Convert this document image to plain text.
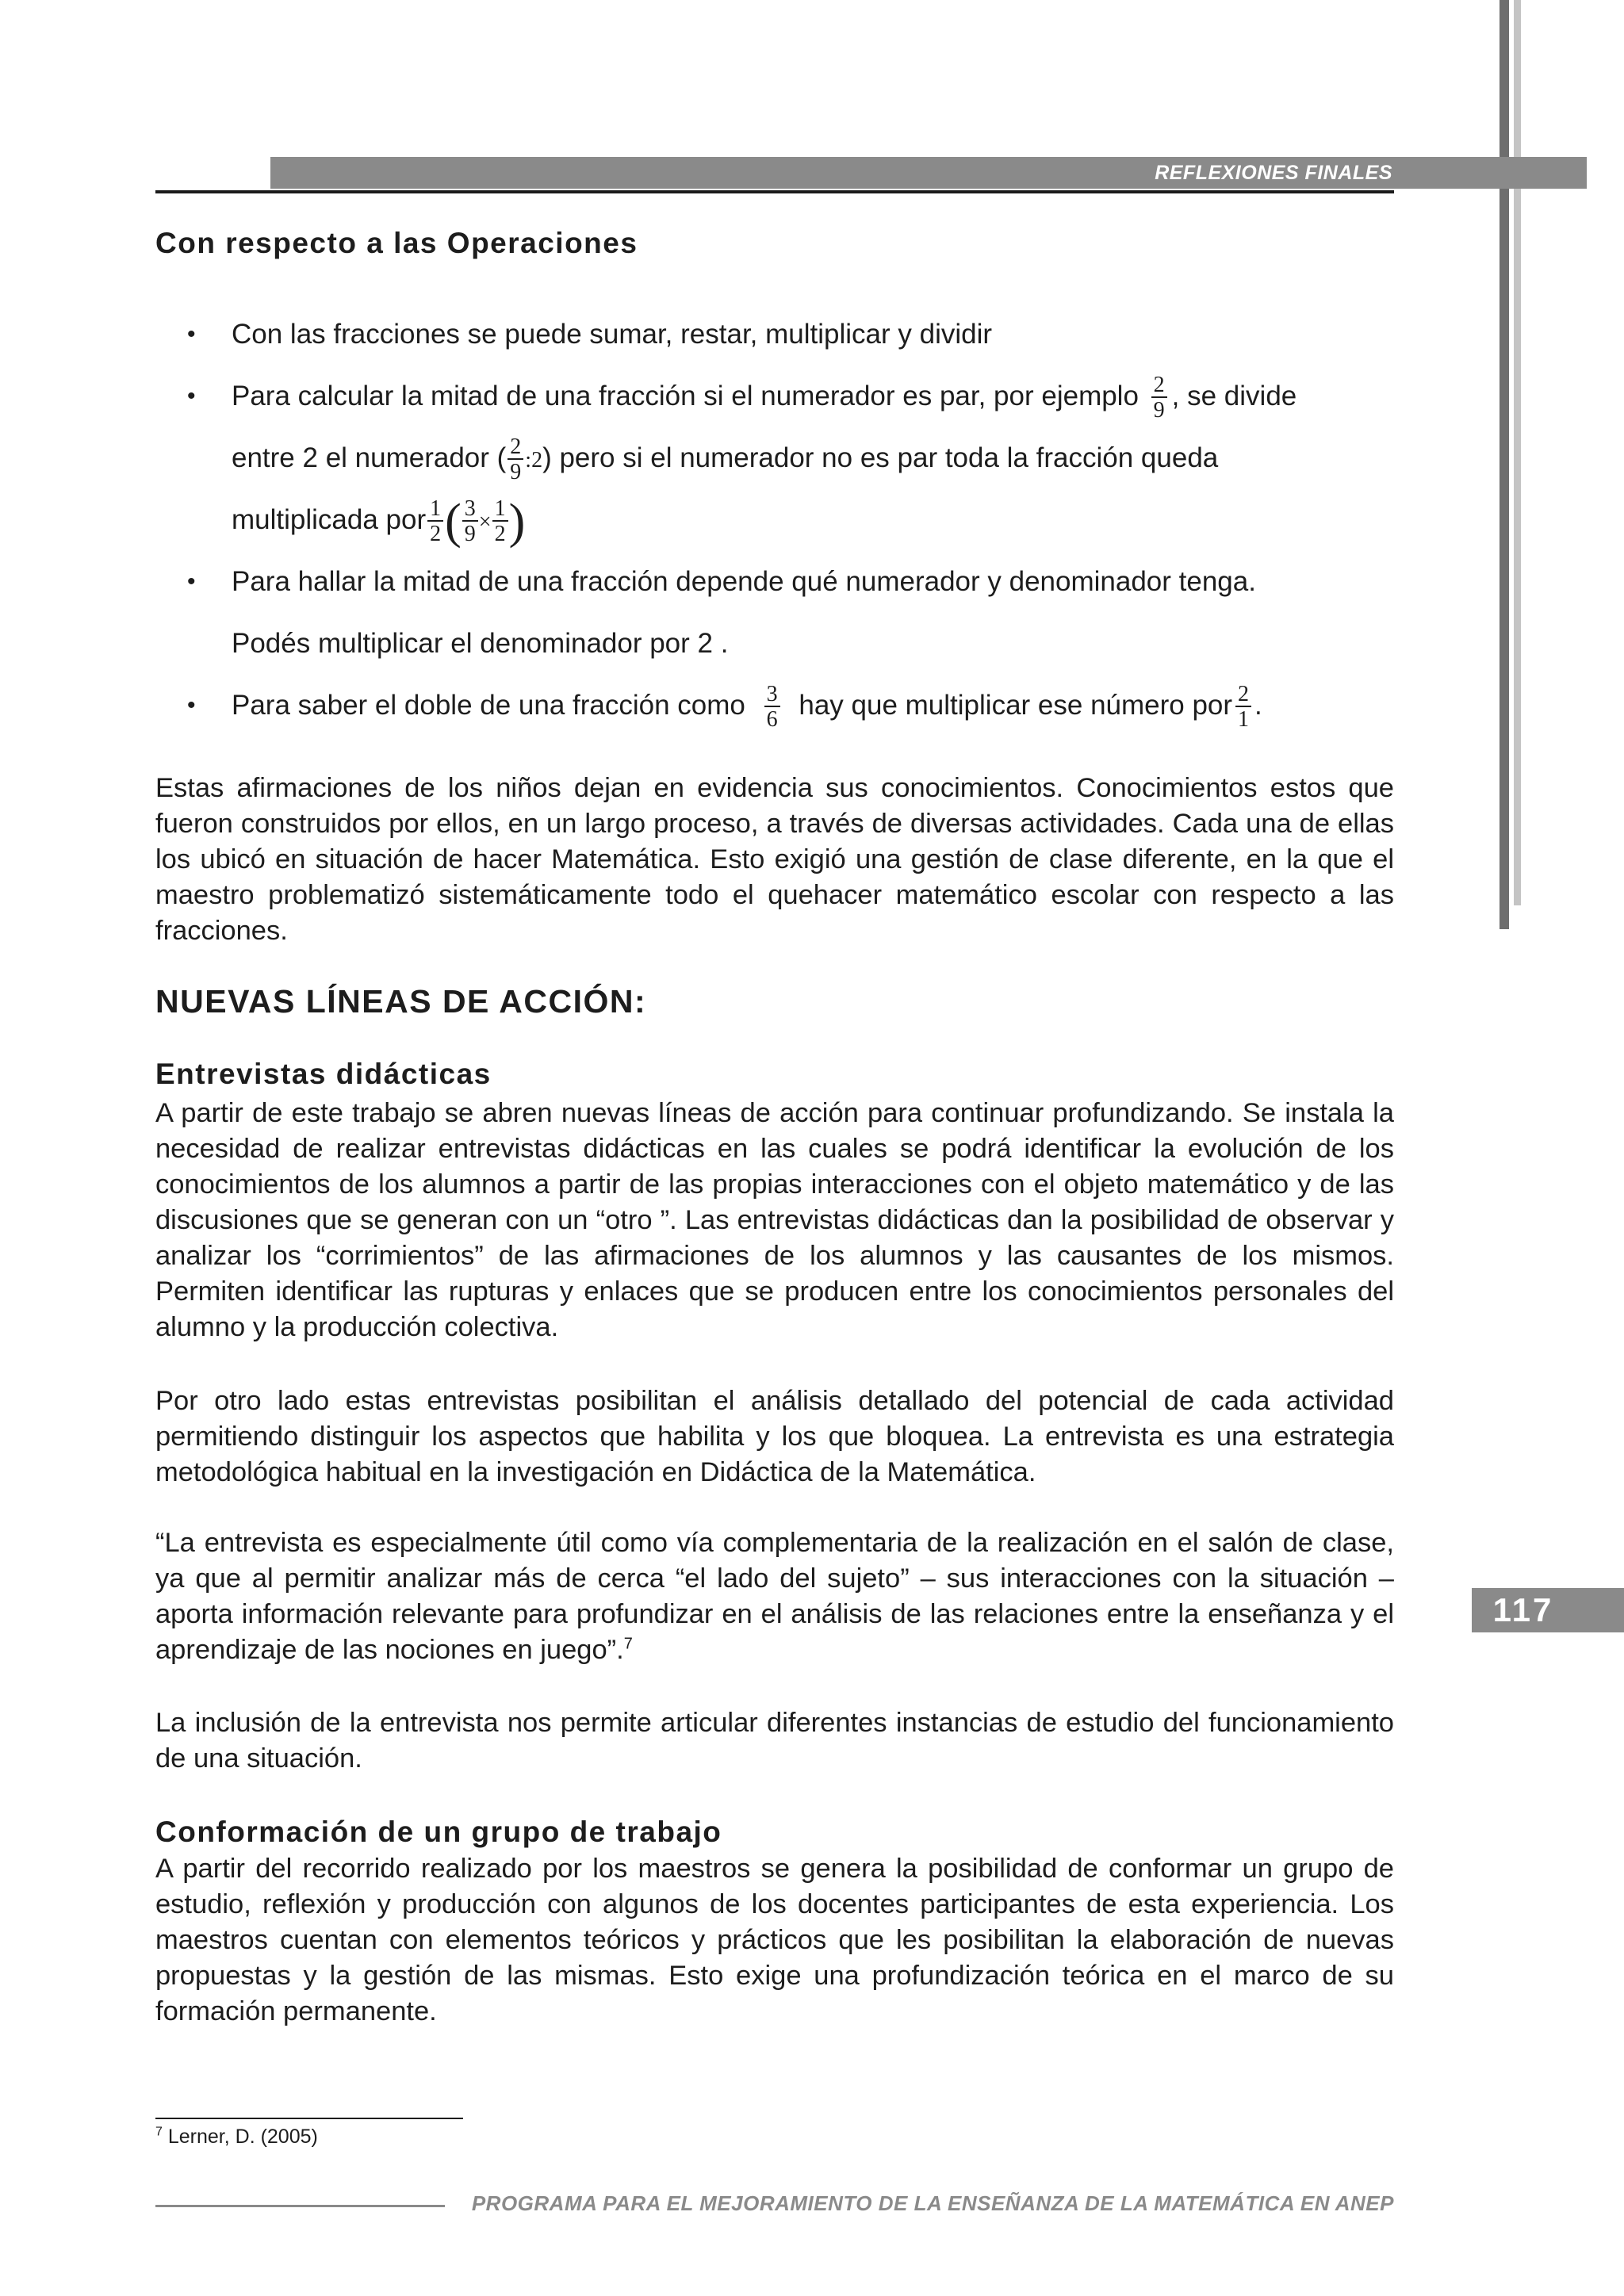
REFLEXIONES FINALES
Con respecto a las Operaciones
• Con las fracciones se puede sumar, restar, multiplicar y dividir
• Para calcular la mitad de una fracción si el numerador es par, por ejemplo $\frac{2}{9}$ , se divide
entre 2 el numerador ( $\frac{2}{9}$ :2) pero si el numerador no es par toda la fracción queda
multiplicada por $\frac{1}{2}$ ( $\frac{3}{9} \times \frac{1}{2}$ )
• Para hallar la mitad de una fracción depende qué numerador y denominador tenga.
Podés multiplicar el denominador por 2 .
• Para saber el doble de una fracción como $\frac{3}{6}$ hay que multiplicar ese número por $\frac{2}{1}$ .

Estas afirmaciones de los niños dejan en evidencia sus conocimientos. Conocimientos estos que fueron construidos por ellos, en un largo proceso, a través de diversas actividades. Cada una de ellas los ubicó en situación de hacer Matemática. Esto exigió una gestión de clase diferente, en la que el maestro problematizó sistemáticamente todo el quehacer matemático escolar con respecto a las fracciones.

NUEVAS LÍNEAS DE ACCIÓN:
Entrevistas didácticas

A partir de este trabajo se abren nuevas líneas de acción para continuar profundizando. Se instala la necesidad de realizar entrevistas didácticas en las cuales se podrá identificar la evolución de los conocimientos de los alumnos a partir de las propias interacciones con el objeto matemático y de las discusiones que se generan con un “otro ”. Las entrevistas didácticas dan la posibilidad de observar y analizar los “corrimientos” de las afirmaciones de los alumnos y las causantes de los mismos. Permiten identificar las rupturas y enlaces que se producen entre los conocimientos personales del alumno y la producción colectiva.

Por otro lado estas entrevistas posibilitan el análisis detallado del potencial de cada actividad permitiendo distinguir los aspectos que habilita y los que bloquea. La entrevista es una estrategia metodológica habitual en la investigación en Didáctica de la Matemática.

“La entrevista es especialmente útil como vía complementaria de la realización en el salón de clase, ya que al permitir analizar más de cerca “el lado del sujeto” – sus interacciones con la situación – aporta información relevante para profundizar en el análisis de las relaciones entre la enseñanza y el aprendizaje de las nociones en juego”.$^7$

La inclusión de la entrevista nos permite articular diferentes instancias de estudio del funcionamiento de una situación.

Conformación de un grupo de trabajo

A partir del recorrido realizado por los maestros se genera la posibilidad de conformar un grupo de estudio, reflexión y producción con algunos de los docentes participantes de esta experiencia. Los maestros cuentan con elementos teóricos y prácticos que les posibilitan la elaboración de nuevas propuestas y la gestión de las mismas. Esto exige una profundización teórica en el marco de su formación permanente.

117
$^7$ Lerner, D. (2005)
PROGRAMA PARA EL MEJORAMIENTO DE LA ENSEÑANZA DE LA MATEMÁTICA EN ANEP
